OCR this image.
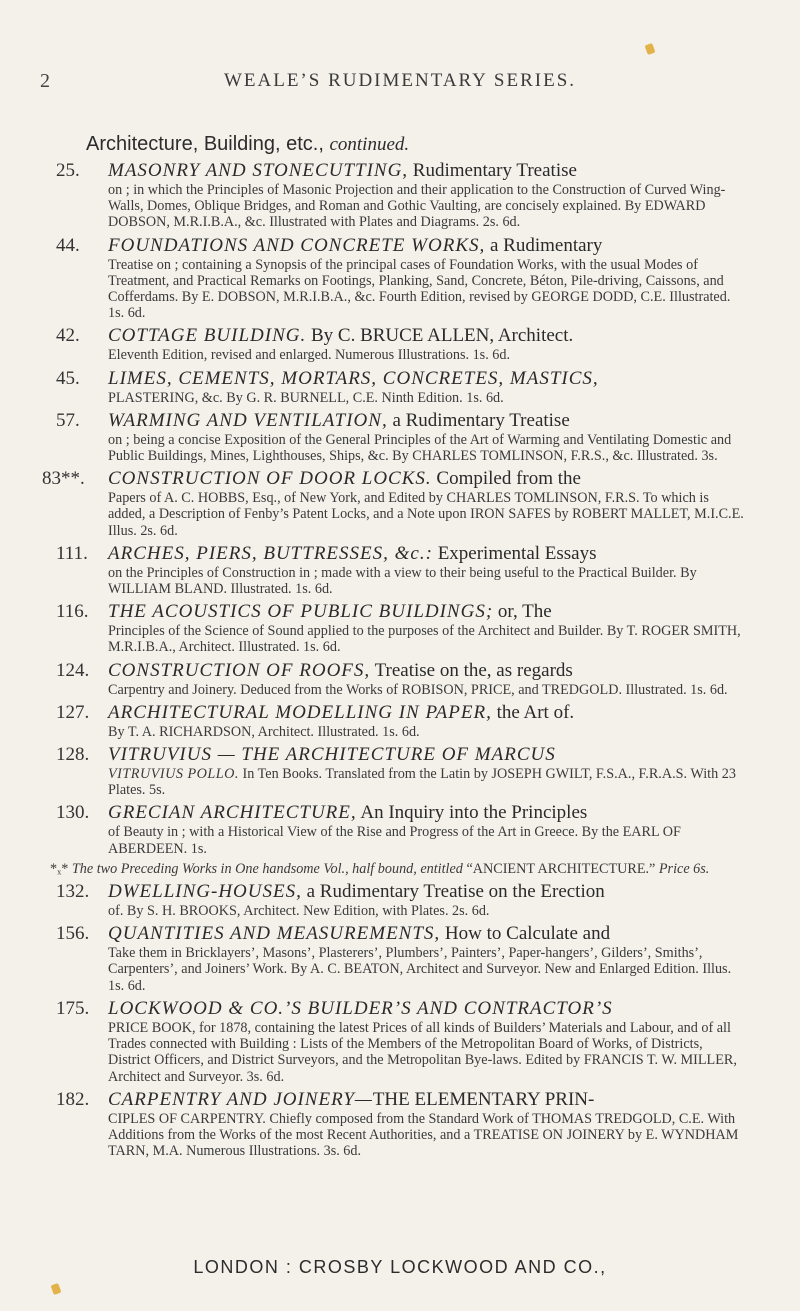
2	WEALE’S RUDIMENTARY SERIES.
Architecture, Building, etc., continued.
25.	MASONRY AND STONECUTTING, Rudimentary Treatise
on ; in which the Principles of Masonic Projection and their application to the Construction of Curved Wing-Walls, Domes, Oblique Bridges, and Roman and Gothic Vaulting, are concisely explained. By EDWARD DOBSON, M.R.I.B.A., &c. Illustrated with Plates and Diagrams. 2s. 6d.
44.	FOUNDATIONS AND CONCRETE WORKS, a Rudimentary
Treatise on ; containing a Synopsis of the principal cases of Foundation Works, with the usual Modes of Treatment, and Practical Remarks on Footings, Planking, Sand, Concrete, Béton, Pile-driving, Caissons, and Cofferdams. By E. DOBSON, M.R.I.B.A., &c. Fourth Edition, revised by GEORGE DODD, C.E. Illustrated. 1s. 6d.
42.	COTTAGE BUILDING. By C. BRUCE ALLEN, Architect.
Eleventh Edition, revised and enlarged. Numerous Illustrations. 1s. 6d.
45.	LIMES, CEMENTS, MORTARS, CONCRETES, MASTICS,
PLASTERING, &c. By G. R. BURNELL, C.E. Ninth Edition. 1s. 6d.
57.	WARMING AND VENTILATION, a Rudimentary Treatise
on ; being a concise Exposition of the General Principles of the Art of Warming and Ventilating Domestic and Public Buildings, Mines, Lighthouses, Ships, &c. By CHARLES TOMLINSON, F.R.S., &c. Illustrated. 3s.
83**.	CONSTRUCTION OF DOOR LOCKS. Compiled from the
Papers of A. C. HOBBS, Esq., of New York, and Edited by CHARLES TOMLINSON, F.R.S. To which is added, a Description of Fenby’s Patent Locks, and a Note upon IRON SAFES by ROBERT MALLET, M.I.C.E. Illus. 2s. 6d.
111.	ARCHES, PIERS, BUTTRESSES, &c.: Experimental Essays
on the Principles of Construction in ; made with a view to their being useful to the Practical Builder. By WILLIAM BLAND. Illustrated. 1s. 6d.
116.	THE ACOUSTICS OF PUBLIC BUILDINGS; or, The
Principles of the Science of Sound applied to the purposes of the Architect and Builder. By T. ROGER SMITH, M.R.I.B.A., Architect. Illustrated. 1s. 6d.
124. CONSTRUCTION OF ROOFS, Treatise on the, as regards
Carpentry and Joinery. Deduced from the Works of ROBISON, PRICE, and TREDGOLD. Illustrated. 1s. 6d.
127. ARCHITECTURAL MODELLING IN PAPER, the Art of.
By T. A. RICHARDSON, Architect. Illustrated. 1s. 6d.
128. VITRUVIUS — THE ARCHITECTURE OF MARCUS
VITRUVIUS POLLO. In Ten Books. Translated from the Latin by JOSEPH GWILT, F.S.A., F.R.A.S. With 23 Plates. 5s.
130. GRECIAN ARCHITECTURE, An Inquiry into the Principles
of Beauty in ; with a Historical View of the Rise and Progress of the Art in Greece. By the EARL OF ABERDEEN. 1s.
*ₓ* The two Preceding Works in One handsome Vol., half bound, entitled “ANCIENT ARCHITECTURE.” Price 6s.
132. DWELLING-HOUSES, a Rudimentary Treatise on the Erection
of. By S. H. BROOKS, Architect. New Edition, with Plates. 2s. 6d.
156. QUANTITIES AND MEASUREMENTS, How to Calculate and
Take them in Bricklayers’, Masons’, Plasterers’, Plumbers’, Painters’, Paper-hangers’, Gilders’, Smiths’, Carpenters’, and Joiners’ Work. By A. C. BEATON, Architect and Surveyor. New and Enlarged Edition. Illus. 1s. 6d.
175. LOCKWOOD & CO.’S BUILDER’S AND CONTRACTOR’S
PRICE BOOK, for 1878, containing the latest Prices of all kinds of Builders’ Materials and Labour, and of all Trades connected with Building : Lists of the Members of the Metropolitan Board of Works, of Districts, District Officers, and District Surveyors, and the Metropolitan Bye-laws. Edited by FRANCIS T. W. MILLER, Architect and Surveyor. 3s. 6d.
182. CARPENTRY AND JOINERY—THE ELEMENTARY PRIN-
CIPLES OF CARPENTRY. Chiefly composed from the Standard Work of THOMAS TREDGOLD, C.E. With Additions from the Works of the most Recent Authorities, and a TREATISE ON JOINERY by E. WYNDHAM TARN, M.A. Numerous Illustrations. 3s. 6d.
LONDON : CROSBY LOCKWOOD AND CO.,
